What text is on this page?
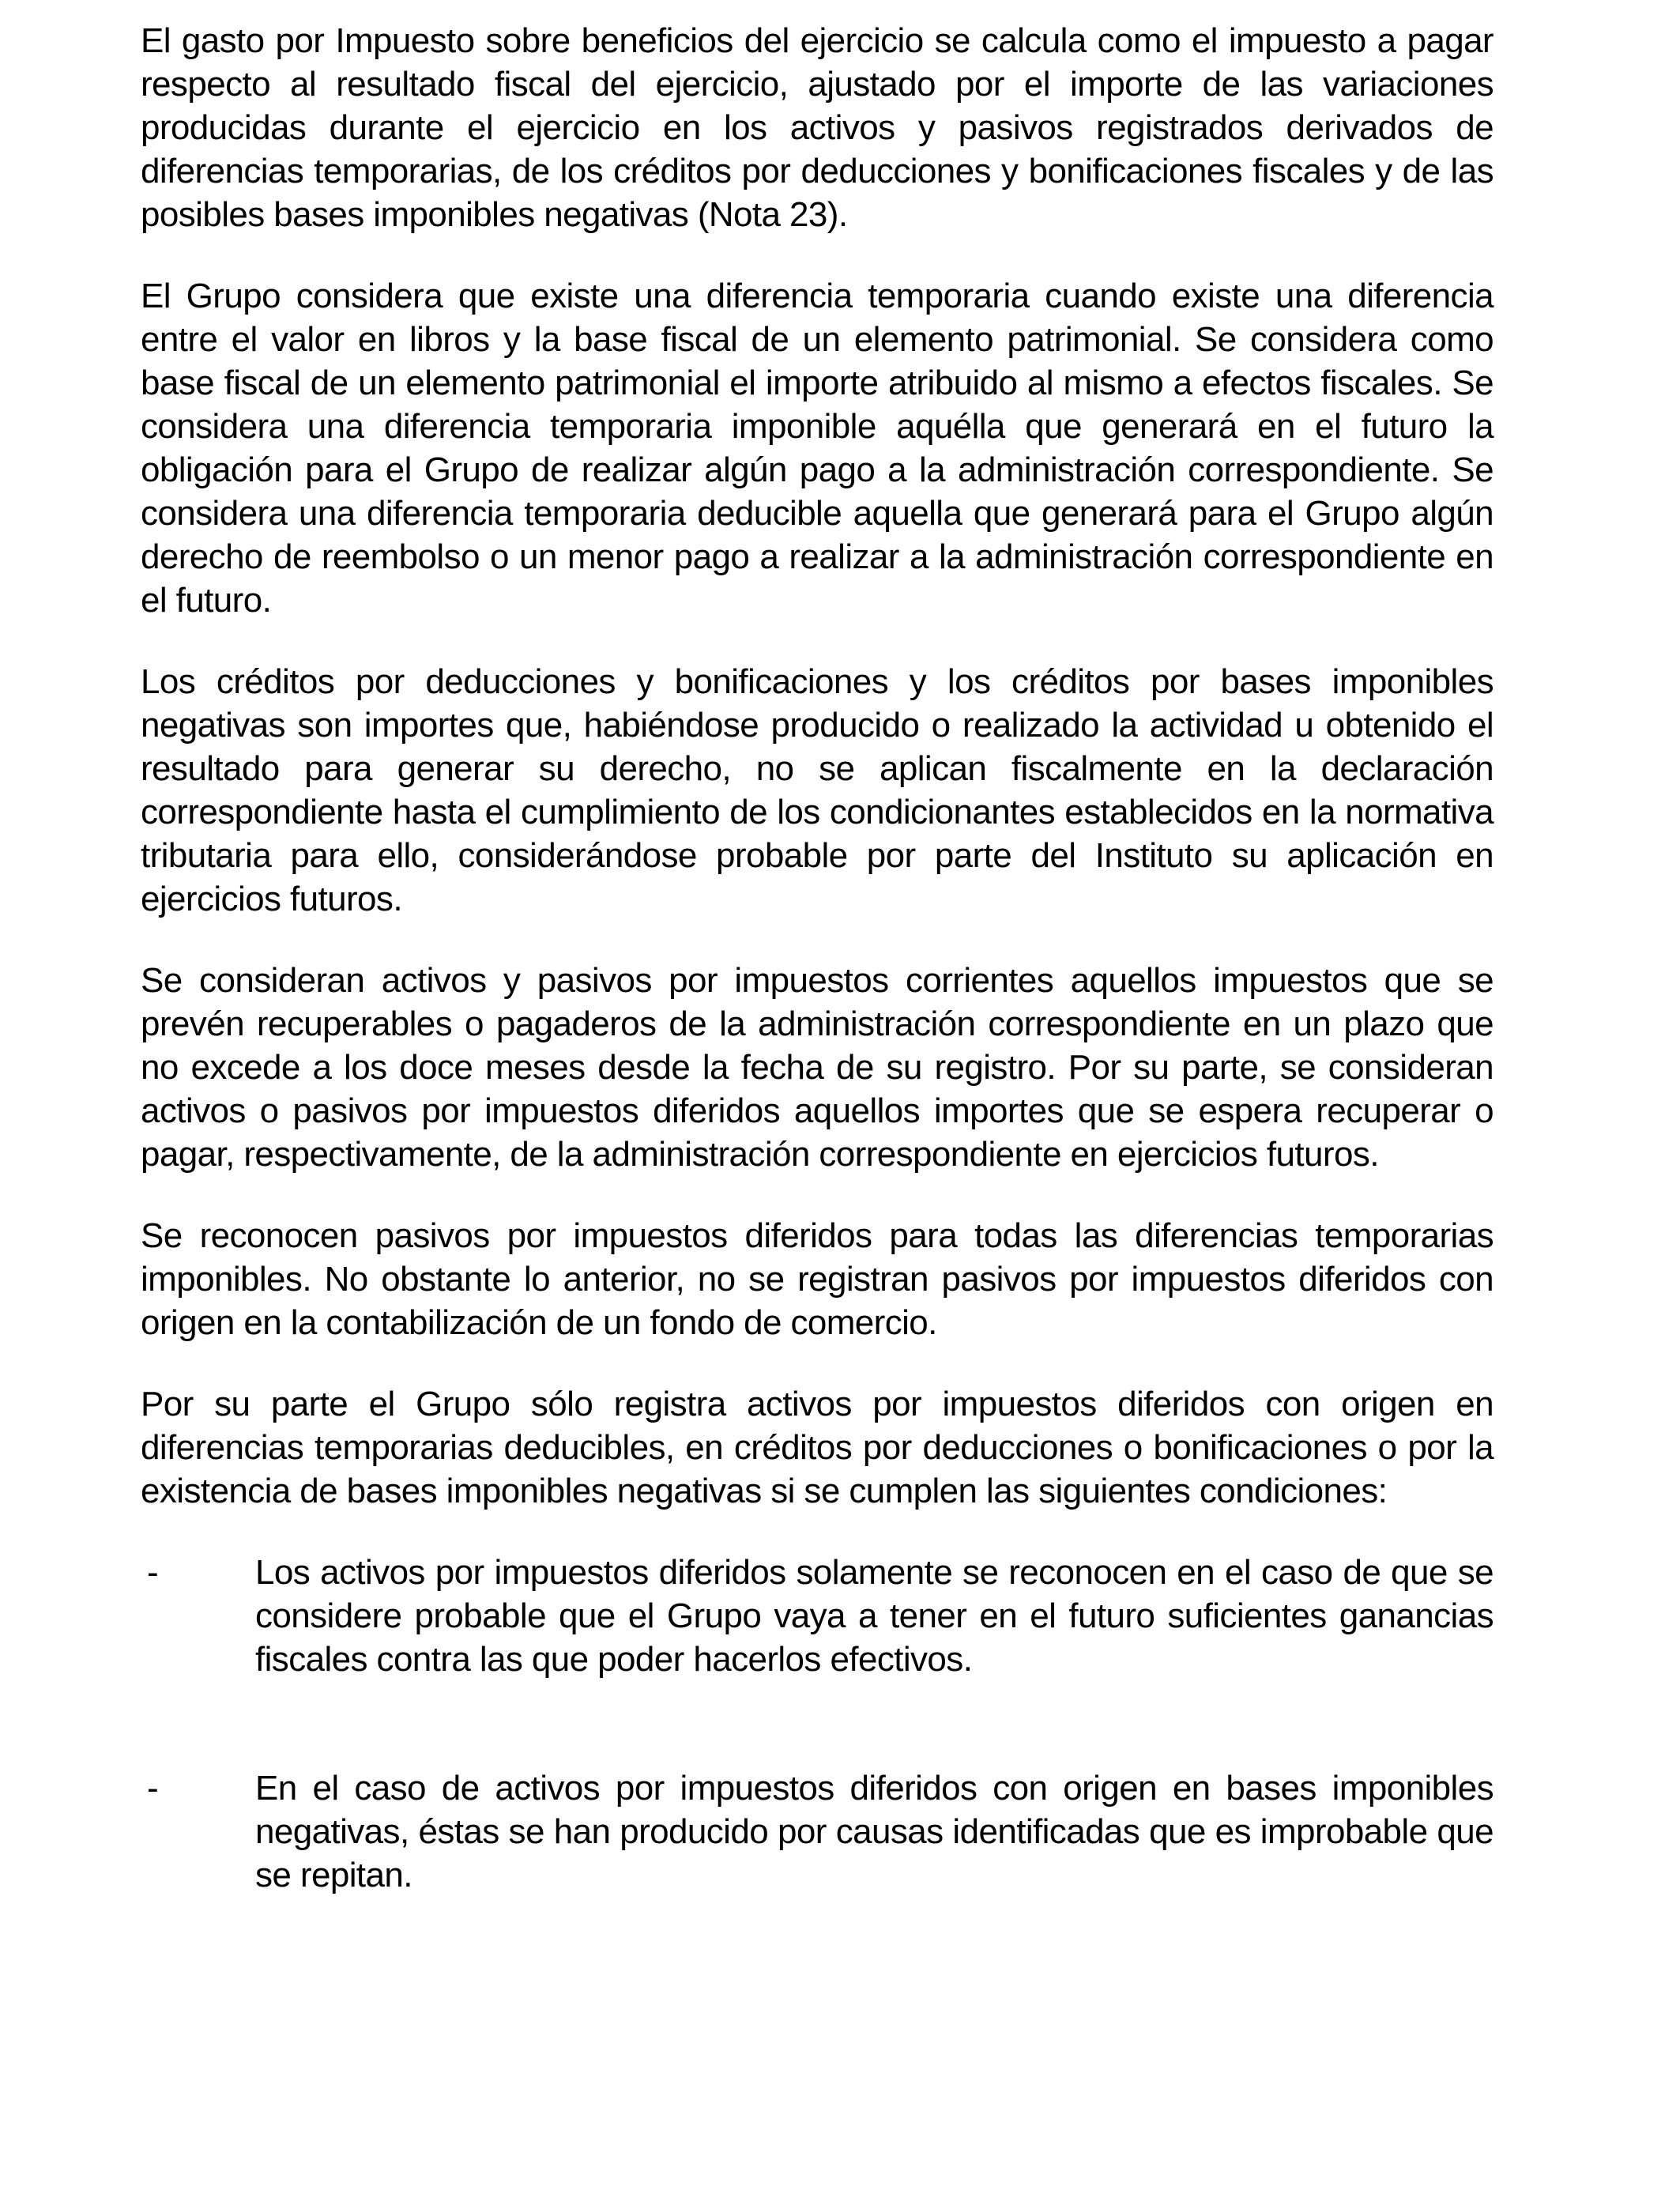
El gasto por Impuesto sobre beneficios del ejercicio se calcula como el impuesto a pagar respecto al resultado fiscal del ejercicio, ajustado por el importe de las variaciones producidas durante el ejercicio en los activos y pasivos registrados derivados de diferencias temporarias, de los créditos por deducciones y bonificaciones fiscales y de las posibles bases imponibles negativas (Nota 23).

El Grupo considera que existe una diferencia temporaria cuando existe una diferencia entre el valor en libros y la base fiscal de un elemento patrimonial. Se considera como base fiscal de un elemento patrimonial el importe atribuido al mismo a efectos fiscales. Se considera una diferencia temporaria imponible aquélla que generará en el futuro la obligación para el Grupo de realizar algún pago a la administración correspondiente. Se considera una diferencia temporaria deducible aquella que generará para el Grupo algún derecho de reembolso o un menor pago a realizar a la administración correspondiente en el futuro.

Los créditos por deducciones y bonificaciones y los créditos por bases imponibles negativas son importes que, habiéndose producido o realizado la actividad u obtenido el resultado para generar su derecho, no se aplican fiscalmente en la declaración correspondiente hasta el cumplimiento de los condicionantes establecidos en la normativa tributaria para ello, considerándose probable por parte del Instituto su aplicación en ejercicios futuros.

Se consideran activos y pasivos por impuestos corrientes aquellos impuestos que se prevén recuperables o pagaderos de la administración correspondiente en un plazo que no excede a los doce meses desde la fecha de su registro. Por su parte, se consideran activos o pasivos por impuestos diferidos aquellos importes que se espera recuperar o pagar, respectivamente, de la administración correspondiente en ejercicios futuros.

Se reconocen pasivos por impuestos diferidos para todas las diferencias temporarias imponibles. No obstante lo anterior, no se registran pasivos por impuestos diferidos con origen en la contabilización de un fondo de comercio.

Por su parte el Grupo sólo registra activos por impuestos diferidos con origen en diferencias temporarias deducibles, en créditos por deducciones o bonificaciones o por la existencia de bases imponibles negativas si se cumplen las siguientes condiciones:

-	Los activos por impuestos diferidos solamente se reconocen en el caso de que se considere probable que el Grupo vaya a tener en el futuro suficientes ganancias fiscales contra las que poder hacerlos efectivos.
-	En el caso de activos por impuestos diferidos con origen en bases imponibles negativas, éstas se han producido por causas identificadas que es improbable que se repitan.
